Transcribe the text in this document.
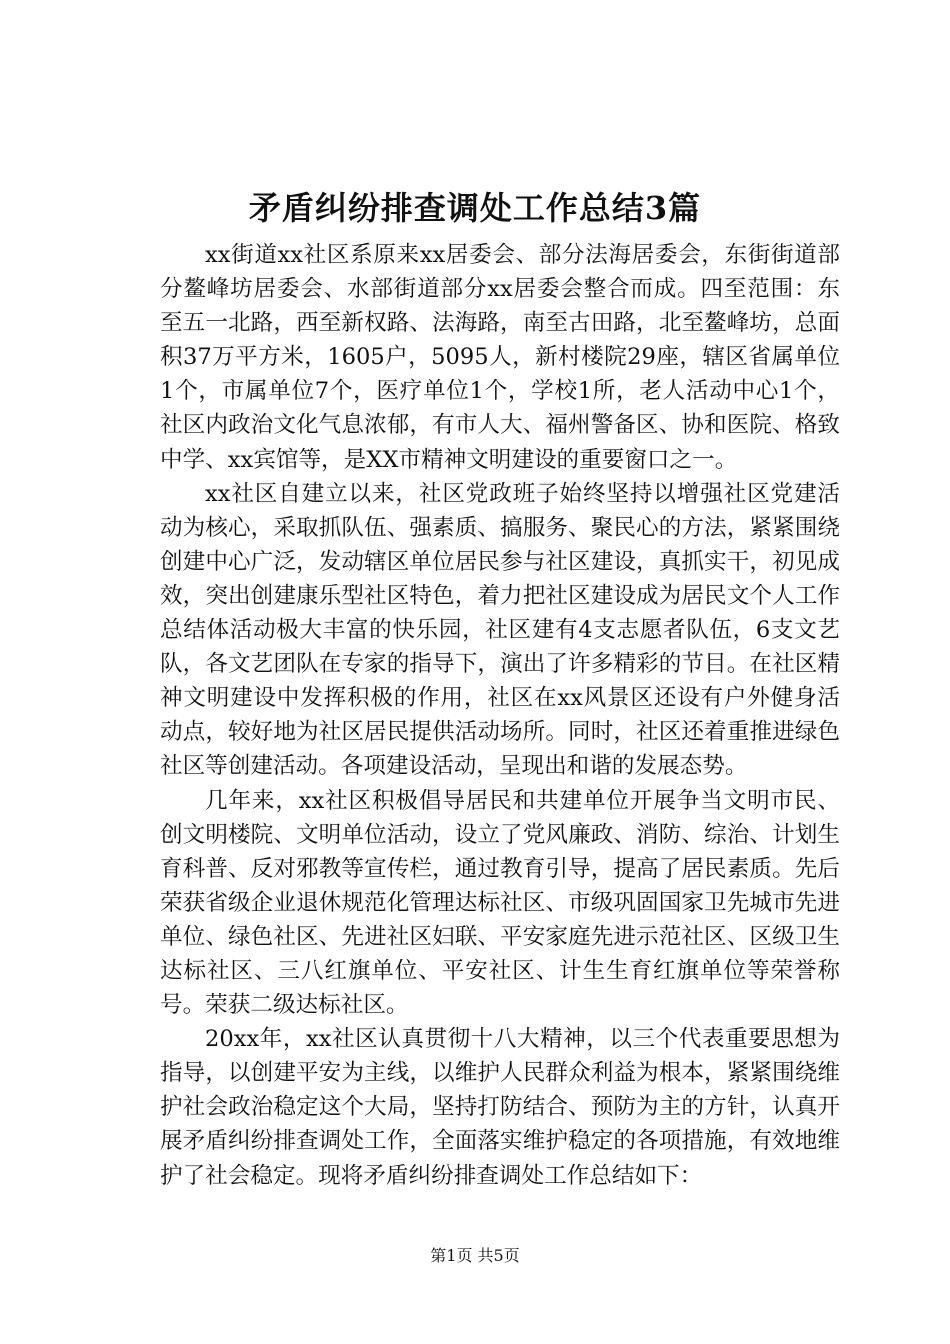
矛盾纠纷排查调处工作总结3篇

xx街道xx社区系原来xx居委会、部分法海居委会，东街街道部分鳌峰坊居委会、水部街道部分xx居委会整合而成。四至范围：东至五一北路，西至新权路、法海路，南至古田路，北至鳌峰坊，总面积37万平方米，1605户，5095人，新村楼院29座，辖区省属单位1个，市属单位7个，医疗单位1个，学校1所，老人活动中心1个，社区内政治文化气息浓郁，有市人大、福州警备区、协和医院、格致中学、xx宾馆等，是XX市精神文明建设的重要窗口之一。

xx社区自建立以来，社区党政班子始终坚持以增强社区党建活动为核心，采取抓队伍、强素质、搞服务、聚民心的方法，紧紧围绕创建中心广泛，发动辖区单位居民参与社区建设，真抓实干，初见成效，突出创建康乐型社区特色，着力把社区建设成为居民文个人工作总结体活动极大丰富的快乐园，社区建有4支志愿者队伍，6支文艺队，各文艺团队在专家的指导下，演出了许多精彩的节目。在社区精神文明建设中发挥积极的作用，社区在xx风景区还设有户外健身活动点，较好地为社区居民提供活动场所。同时，社区还着重推进绿色社区等创建活动。各项建设活动，呈现出和谐的发展态势。

几年来，xx社区积极倡导居民和共建单位开展争当文明市民、创文明楼院、文明单位活动，设立了党风廉政、消防、综治、计划生育科普、反对邪教等宣传栏，通过教育引导，提高了居民素质。先后荣获省级企业退休规范化管理达标社区、市级巩固国家卫先城市先进单位、绿色社区、先进社区妇联、平安家庭先进示范社区、区级卫生达标社区、三八红旗单位、平安社区、计生生育红旗单位等荣誉称号。荣获二级达标社区。

20xx年，xx社区认真贯彻十八大精神，以三个代表重要思想为指导，以创建平安为主线，以维护人民群众利益为根本，紧紧围绕维护社会政治稳定这个大局，坚持打防结合、预防为主的方针，认真开展矛盾纠纷排查调处工作，全面落实维护稳定的各项措施，有效地维护了社会稳定。现将矛盾纠纷排查调处工作总结如下：

第1页 共5页
